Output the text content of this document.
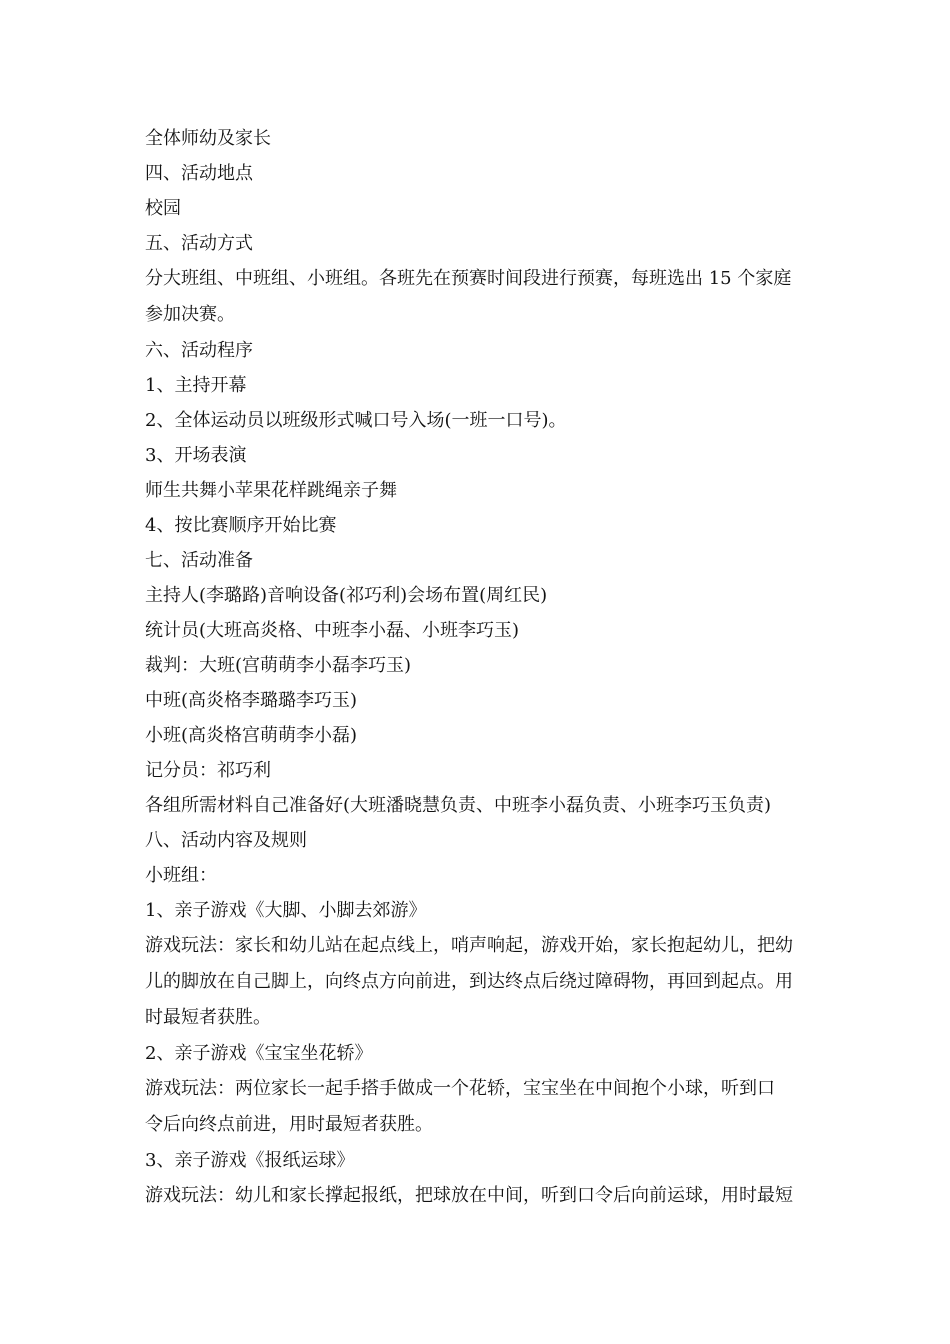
全体师幼及家长
四、活动地点
校园
五、活动方式
分大班组、中班组、小班组。各班先在预赛时间段进行预赛，每班选出 15 个家庭
参加决赛。
六、活动程序
1、主持开幕
2、全体运动员以班级形式喊口号入场(一班一口号)。
3、开场表演
师生共舞小苹果花样跳绳亲子舞
4、按比赛顺序开始比赛
七、活动准备
主持人(李璐路)音响设备(祁巧利)会场布置(周红民)
统计员(大班高炎格、中班李小磊、小班李巧玉)
裁判：大班(宫萌萌李小磊李巧玉)
中班(高炎格李璐璐李巧玉)
小班(高炎格宫萌萌李小磊)
记分员：祁巧利
各组所需材料自己准备好(大班潘晓慧负责、中班李小磊负责、小班李巧玉负责)
八、活动内容及规则
小班组：
1、亲子游戏《大脚、小脚去郊游》
游戏玩法：家长和幼儿站在起点线上，哨声响起，游戏开始，家长抱起幼儿，把幼
儿的脚放在自己脚上，向终点方向前进，到达终点后绕过障碍物，再回到起点。用
时最短者获胜。
2、亲子游戏《宝宝坐花轿》
游戏玩法：两位家长一起手搭手做成一个花轿，宝宝坐在中间抱个小球，听到口
令后向终点前进，用时最短者获胜。
3、亲子游戏《报纸运球》
游戏玩法：幼儿和家长撑起报纸，把球放在中间，听到口令后向前运球，用时最短
